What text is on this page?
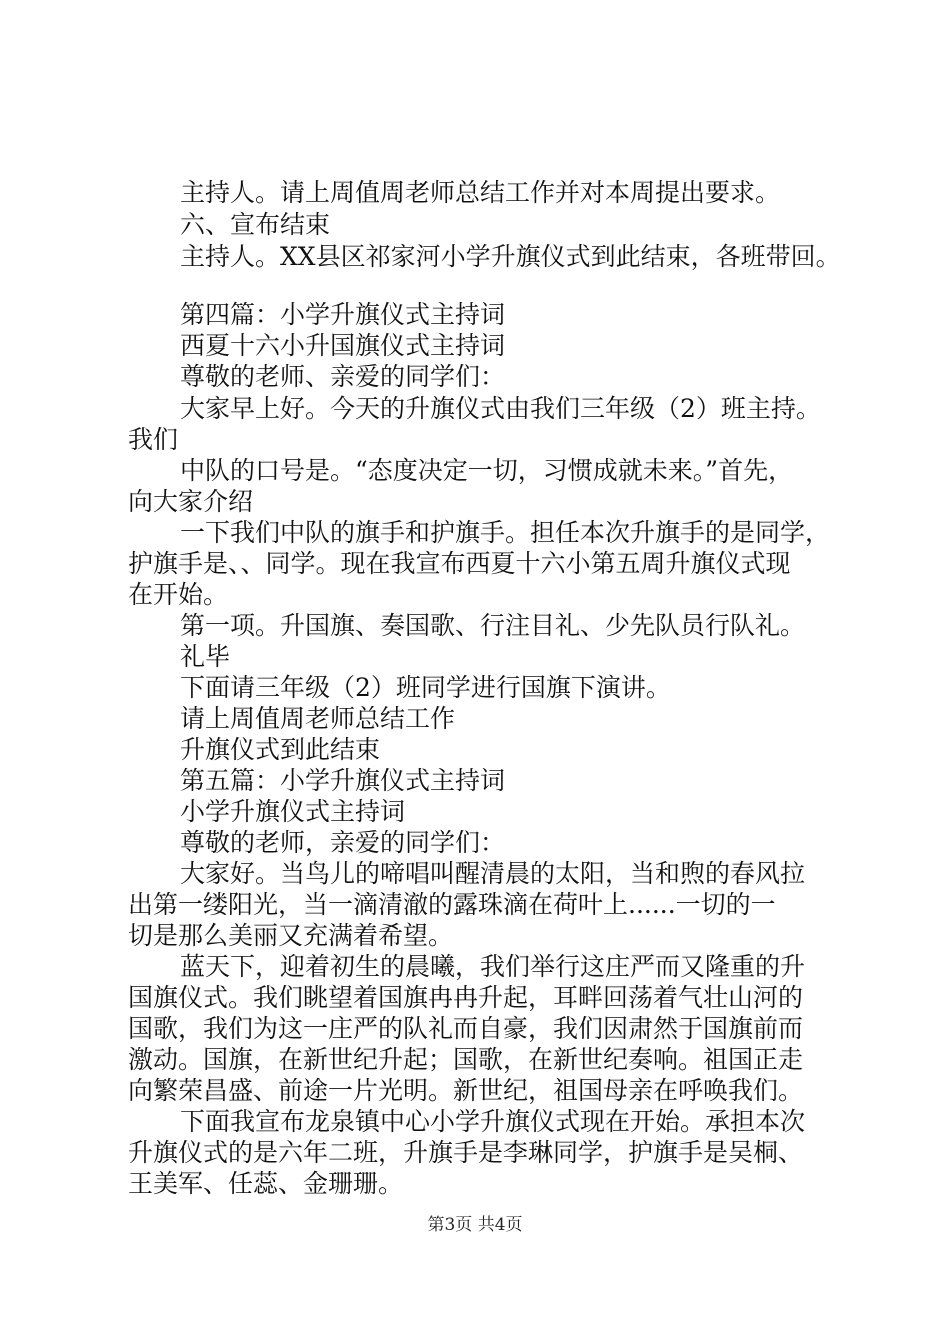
主持人。请上周值周老师总结工作并对本周提出要求。

六、宣布结束

主持人。XX县区祁家河小学升旗仪式到此结束，各班带回。

第四篇：小学升旗仪式主持词

西夏十六小升国旗仪式主持词

尊敬的老师、亲爱的同学们：

大家早上好。今天的升旗仪式由我们三年级（2）班主持。

我们

中队的口号是。“态度决定一切，习惯成就未来。”首先，

向大家介绍

一下我们中队的旗手和护旗手。担任本次升旗手的是同学，

护旗手是、、同学。现在我宣布西夏十六小第五周升旗仪式现

在开始。

第一项。升国旗、奏国歌、行注目礼、少先队员行队礼。

礼毕

下面请三年级（2）班同学进行国旗下演讲。

请上周值周老师总结工作

升旗仪式到此结束

第五篇：小学升旗仪式主持词

小学升旗仪式主持词

尊敬的老师，亲爱的同学们：

大家好。当鸟儿的啼唱叫醒清晨的太阳，当和煦的春风拉

出第一缕阳光，当一滴清澈的露珠滴在荷叶上......一切的一

切是那么美丽又充满着希望。

蓝天下，迎着初生的晨曦，我们举行这庄严而又隆重的升

国旗仪式。我们眺望着国旗冉冉升起，耳畔回荡着气壮山河的

国歌，我们为这一庄严的队礼而自豪，我们因肃然于国旗前而

激动。国旗，在新世纪升起；国歌，在新世纪奏响。祖国正走

向繁荣昌盛、前途一片光明。新世纪，祖国母亲在呼唤我们。

下面我宣布龙泉镇中心小学升旗仪式现在开始。承担本次

升旗仪式的是六年二班，升旗手是李琳同学，护旗手是吴桐、

王美军、任蕊、金珊珊。

第3页 共4页
